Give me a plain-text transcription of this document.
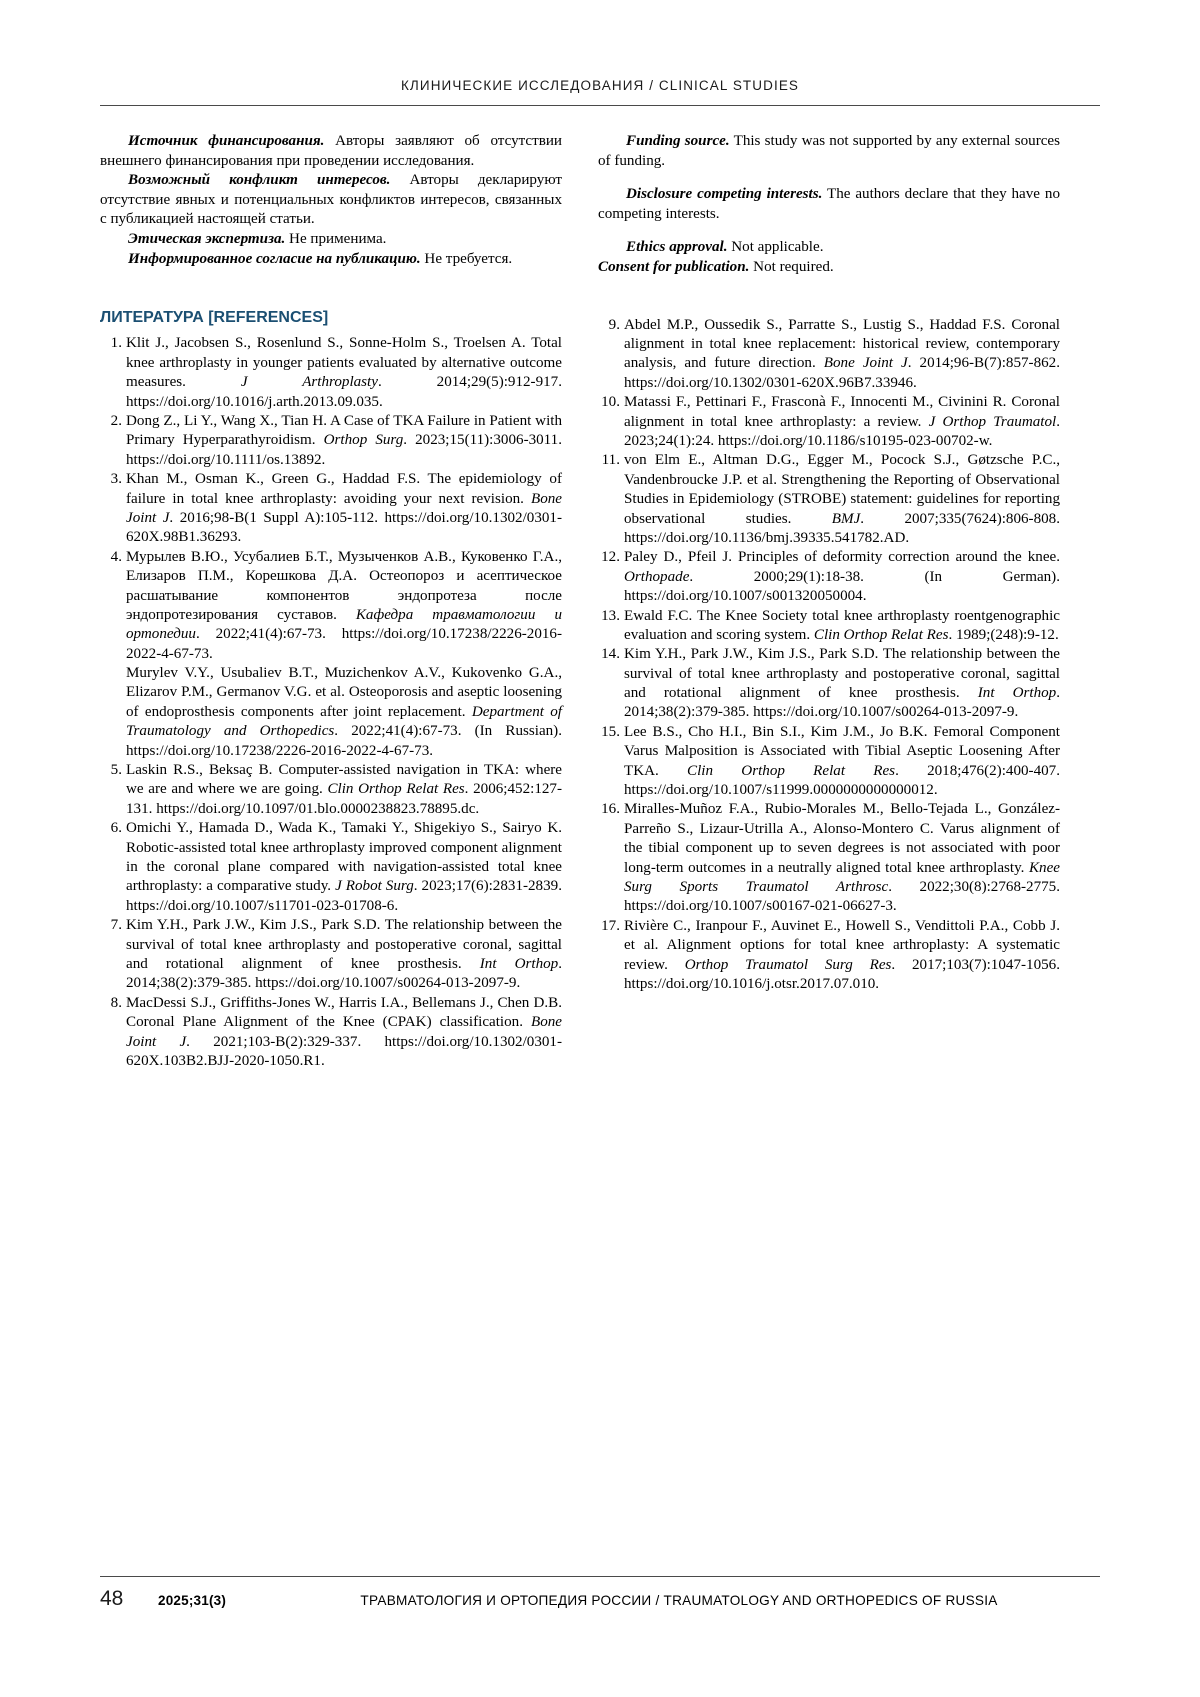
КЛИНИЧЕСКИЕ ИССЛЕДОВАНИЯ / CLINICAL STUDIES

Источник финансирования. Авторы заявляют об отсутствии внешнего финансирования при проведении исследования.

Возможный конфликт интересов. Авторы декларируют отсутствие явных и потенциальных конфликтов интересов, связанных с публикацией настоящей статьи.

Этическая экспертиза. Не применима.

Информированное согласие на публикацию. Не требуется.

Funding source. This study was not supported by any external sources of funding.

Disclosure competing interests. The authors declare that they have no competing interests.

Ethics approval. Not applicable.

Consent for publication. Not required.

ЛИТЕРАТУРА [REFERENCES]
Klit J., Jacobsen S., Rosenlund S., Sonne-Holm S., Troelsen A. Total knee arthroplasty in younger patients evaluated by alternative outcome measures. J Arthroplasty. 2014;29(5):912-917. https://doi.org/10.1016/j.arth.2013.09.035.
Dong Z., Li Y., Wang X., Tian H. A Case of TKA Failure in Patient with Primary Hyperparathyroidism. Orthop Surg. 2023;15(11):3006-3011. https://doi.org/10.1111/os.13892.
Khan M., Osman K., Green G., Haddad F.S. The epidemiology of failure in total knee arthroplasty: avoiding your next revision. Bone Joint J. 2016;98-B(1 Suppl A):105-112. https://doi.org/10.1302/0301-620X.98B1.36293.
Мурылев В.Ю., Усубалиев Б.Т., Музыченков А.В., Куковенко Г.А., Елизаров П.М., Корешкова Д.А. Остеопороз и асептическое расшатывание компонентов эндопротеза после эндопротезирования суставов. Кафедра травматологии и ортопедии. 2022;41(4):67-73. https://doi.org/10.17238/2226-2016-2022-4-67-73.
Murylev V.Y., Usubaliev B.T., Muzichenkov A.V., Kukovenko G.A., Elizarov P.M., Germanov V.G. et al. Osteoporosis and aseptic loosening of endoprosthesis components after joint replacement. Department of Traumatology and Orthopedics. 2022;41(4):67-73. (In Russian). https://doi.org/10.17238/2226-2016-2022-4-67-73.
Laskin R.S., Beksaç B. Computer-assisted navigation in TKA: where we are and where we are going. Clin Orthop Relat Res. 2006;452:127-131. https://doi.org/10.1097/01.blo.0000238823.78895.dc.
Omichi Y., Hamada D., Wada K., Tamaki Y., Shigekiyo S., Sairyo K. Robotic-assisted total knee arthroplasty improved component alignment in the coronal plane compared with navigation-assisted total knee arthroplasty: a comparative study. J Robot Surg. 2023;17(6):2831-2839. https://doi.org/10.1007/s11701-023-01708-6.
Kim Y.H., Park J.W., Kim J.S., Park S.D. The relationship between the survival of total knee arthroplasty and postoperative coronal, sagittal and rotational alignment of knee prosthesis. Int Orthop. 2014;38(2):379-385. https://doi.org/10.1007/s00264-013-2097-9.
MacDessi S.J., Griffiths-Jones W., Harris I.A., Bellemans J., Chen D.B. Coronal Plane Alignment of the Knee (CPAK) classification. Bone Joint J. 2021;103-B(2):329-337. https://doi.org/10.1302/0301-620X.103B2.BJJ-2020-1050.R1.
Abdel M.P., Oussedik S., Parratte S., Lustig S., Haddad F.S. Coronal alignment in total knee replacement: historical review, contemporary analysis, and future direction. Bone Joint J. 2014;96-B(7):857-862. https://doi.org/10.1302/0301-620X.96B7.33946.
Matassi F., Pettinari F., Frasconà F., Innocenti M., Civinini R. Coronal alignment in total knee arthroplasty: a review. J Orthop Traumatol. 2023;24(1):24. https://doi.org/10.1186/s10195-023-00702-w.
von Elm E., Altman D.G., Egger M., Pocock S.J., Gøtzsche P.C., Vandenbroucke J.P. et al. Strengthening the Reporting of Observational Studies in Epidemiology (STROBE) statement: guidelines for reporting observational studies. BMJ. 2007;335(7624):806-808. https://doi.org/10.1136/bmj.39335.541782.AD.
Paley D., Pfeil J. Principles of deformity correction around the knee. Orthopade. 2000;29(1):18-38. (In German). https://doi.org/10.1007/s001320050004.
Ewald F.C. The Knee Society total knee arthroplasty roentgenographic evaluation and scoring system. Clin Orthop Relat Res. 1989;(248):9-12.
Kim Y.H., Park J.W., Kim J.S., Park S.D. The relationship between the survival of total knee arthroplasty and postoperative coronal, sagittal and rotational alignment of knee prosthesis. Int Orthop. 2014;38(2):379-385. https://doi.org/10.1007/s00264-013-2097-9.
Lee B.S., Cho H.I., Bin S.I., Kim J.M., Jo B.K. Femoral Component Varus Malposition is Associated with Tibial Aseptic Loosening After TKA. Clin Orthop Relat Res. 2018;476(2):400-407. https://doi.org/10.1007/s11999.0000000000000012.
Miralles-Muñoz F.A., Rubio-Morales M., Bello-Tejada L., González-Parreño S., Lizaur-Utrilla A., Alonso-Montero C. Varus alignment of the tibial component up to seven degrees is not associated with poor long-term outcomes in a neutrally aligned total knee arthroplasty. Knee Surg Sports Traumatol Arthrosc. 2022;30(8):2768-2775. https://doi.org/10.1007/s00167-021-06627-3.
Rivière C., Iranpour F., Auvinet E., Howell S., Vendittoli P.A., Cobb J. et al. Alignment options for total knee arthroplasty: A systematic review. Orthop Traumatol Surg Res. 2017;103(7):1047-1056. https://doi.org/10.1016/j.otsr.2017.07.010.
48	2025;31(3)	ТРАВМАТОЛОГИЯ И ОРТОПЕДИЯ РОССИИ / TRAUMATOLOGY AND ORTHOPEDICS OF RUSSIA
